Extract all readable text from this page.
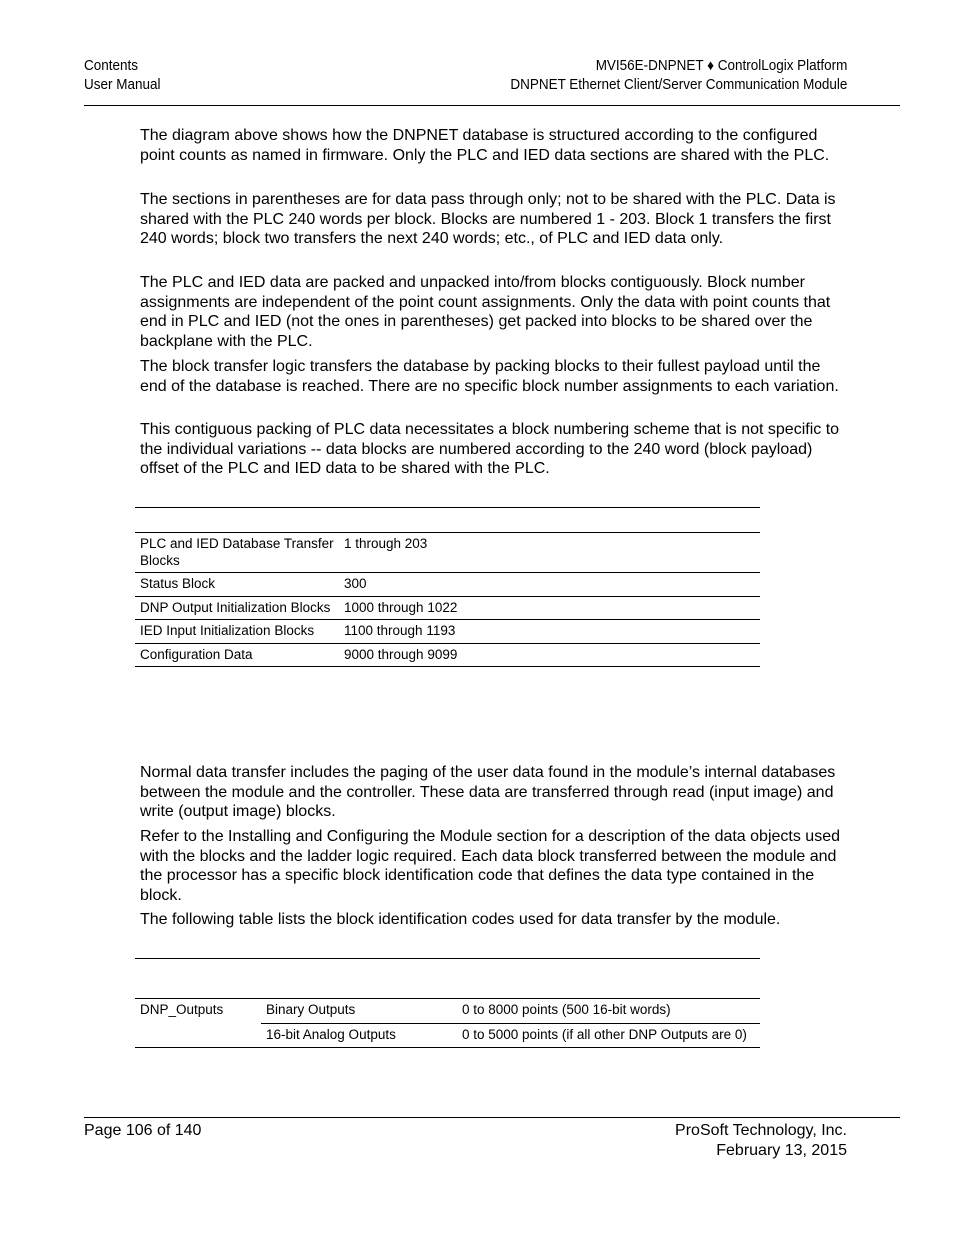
Contents
User Manual
MVI56E-DNPNET ♦ ControlLogix Platform
DNPNET Ethernet Client/Server Communication Module

The diagram above shows how the DNPNET database is structured according to the configured point counts as named in firmware. Only the PLC and IED data sections are shared with the PLC.

The sections in parentheses are for data pass through only; not to be shared with the PLC. Data is shared with the PLC 240 words per block. Blocks are numbered 1 - 203. Block 1 transfers the first 240 words; block two transfers the next 240 words; etc., of PLC and IED data only.

The PLC and IED data are packed and unpacked into/from blocks contiguously. Block number assignments are independent of the point count assignments. Only the data with point counts that end in PLC and IED (not the ones in parentheses) get packed into blocks to be shared over the backplane with the PLC.

The block transfer logic transfers the database by packing blocks to their fullest payload until the end of the database is reached. There are no specific block number assignments to each variation.

This contiguous packing of PLC data necessitates a block numbering scheme that is not specific to the individual variations -- data blocks are numbered according to the 240 word (block payload) offset of the PLC and IED data to be shared with the PLC.

PLC and IED Database Transfer Blocks	1 through 203
Status Block	300
DNP Output Initialization Blocks	1000 through 1022
IED Input Initialization Blocks	1100 through 1193
Configuration Data	9000 through 9099

Normal data transfer includes the paging of the user data found in the module’s internal databases between the module and the controller. These data are transferred through read (input image) and write (output image) blocks.

Refer to the Installing and Configuring the Module section for a description of the data objects used with the blocks and the ladder logic required. Each data block transferred between the module and the processor has a specific block identification code that defines the data type contained in the block.

The following table lists the block identification codes used for data transfer by the module.

DNP_Outputs	Binary Outputs	0 to 8000 points (500 16-bit words)
	16-bit Analog Outputs	0 to 5000 points (if all other DNP Outputs are 0)
Page 106 of 140	ProSoft Technology, Inc.
February 13, 2015
